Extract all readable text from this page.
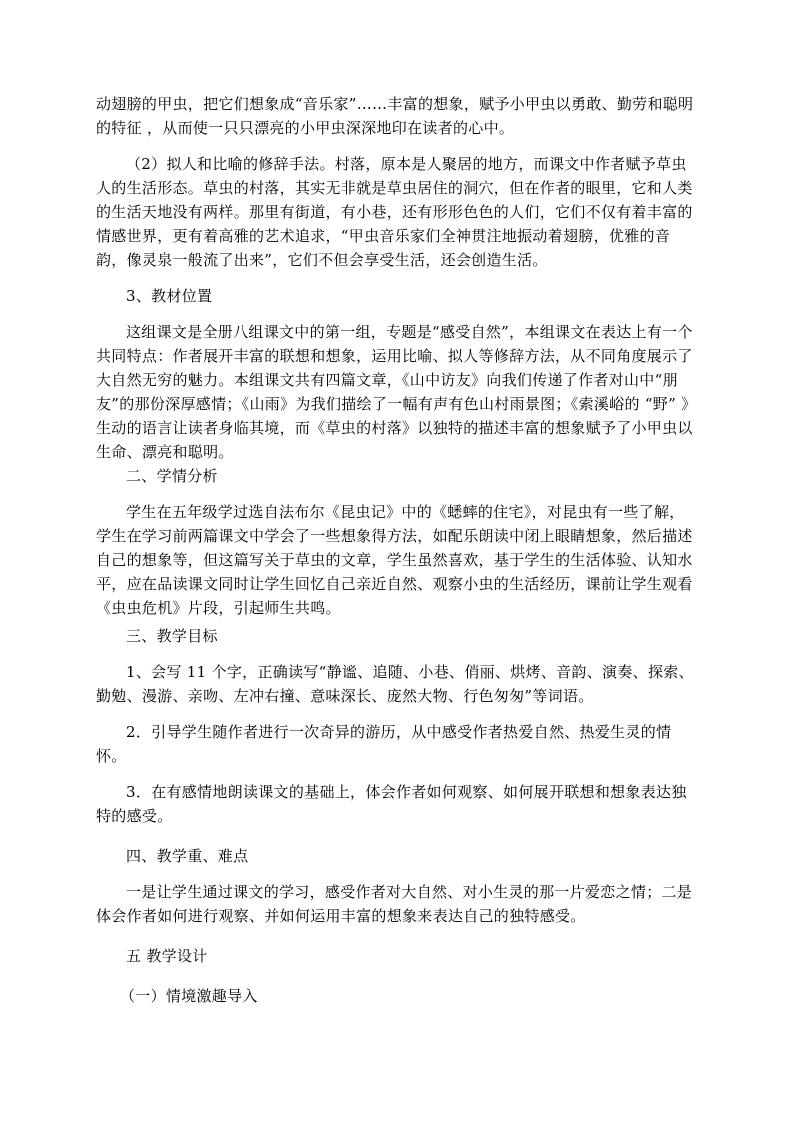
动翅膀的甲虫，把它们想象成“音乐家”……丰富的想象，赋予小甲虫以勇敢、勤劳和聪明的特征 ，从而使一只只漂亮的小甲虫深深地印在读者的心中。

（2）拟人和比喻的修辞手法。村落，原本是人聚居的地方，而课文中作者赋予草虫人的生活形态。草虫的村落，其实无非就是草虫居住的洞穴，但在作者的眼里，它和人类的生活天地没有两样。那里有街道，有小巷，还有形形色色的人们，它们不仅有着丰富的情感世界，更有着高雅的艺术追求，“甲虫音乐家们全神贯注地振动着翅膀，优雅的音韵，像灵泉一般流了出来”，它们不但会享受生活，还会创造生活。

3、教材位置

这组课文是全册八组课文中的第一组，专题是“感受自然”，本组课文在表达上有一个共同特点：作者展开丰富的联想和想象，运用比喻、拟人等修辞方法，从不同角度展示了大自然无穷的魅力。本组课文共有四篇文章，《山中访友》向我们传递了作者对山中“朋友”的那份深厚感情；《山雨》为我们描绘了一幅有声有色山村雨景图；《索溪峪的 “野” 》生动的语言让读者身临其境，而《草虫的村落》以独特的描述丰富的想象赋予了小甲虫以生命、漂亮和聪明。

二、学情分析

学生在五年级学过选自法布尔《昆虫记》中的《蟋蟀的住宅》，对昆虫有一些了解，学生在学习前两篇课文中学会了一些想象得方法，如配乐朗读中闭上眼睛想象，然后描述自己的想象等，但这篇写关于草虫的文章，学生虽然喜欢，基于学生的生活体验、认知水平，应在品读课文同时让学生回忆自己亲近自然、观察小虫的生活经历，课前让学生观看《虫虫危机》片段，引起师生共鸣。

三、教学目标

1、会写 11 个字，正确读写“静谧、追随、小巷、俏丽、烘烤、音韵、演奏、探索、勤勉、漫游、亲吻、左冲右撞、意味深长、庞然大物、行色匆匆”等词语。

2．引导学生随作者进行一次奇异的游历，从中感受作者热爱自然、热爱生灵的情怀。

3．在有感情地朗读课文的基础上，体会作者如何观察、如何展开联想和想象表达独特的感受。

四、教学重、难点

一是让学生通过课文的学习，感受作者对大自然、对小生灵的那一片爱恋之情；二是体会作者如何进行观察、并如何运用丰富的想象来表达自己的独特感受。

五 教学设计

（一）情境激趣导入
